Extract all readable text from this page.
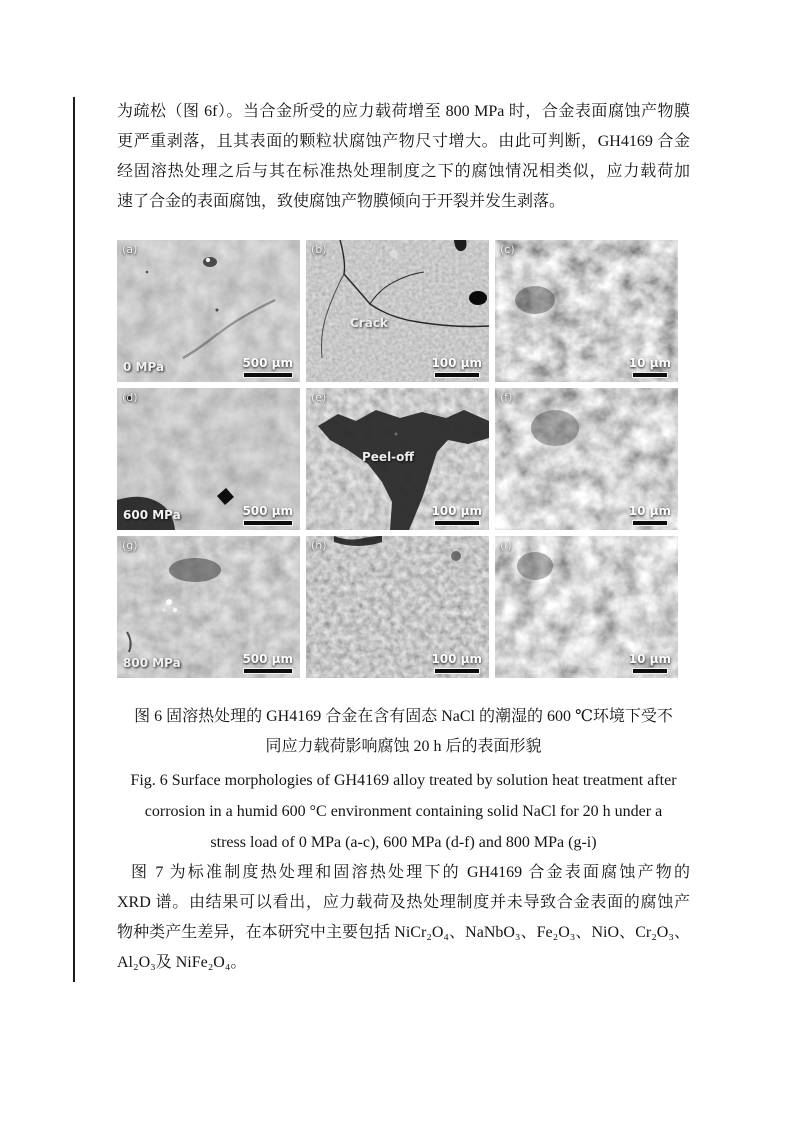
为疏松（图 6f）。当合金所受的应力载荷增至 800 MPa 时，合金表面腐蚀产物膜
更严重剥落，且其表面的颗粒状腐蚀产物尺寸增大。由此可判断，GH4169 合金
经固溶热处理之后与其在标准热处理制度之下的腐蚀情况相类似，应力载荷加
速了合金的表面腐蚀，致使腐蚀产物膜倾向于开裂并发生剥落。
(a)
0 MPa	500 μm
(b)
Crack
100 μm
(c)
10 μm
(d)
600 MPa	500 μm
(e)
Peel-off
100 μm
(f)
10 μm
(g)
800 MPa	500 μm
(h)
100 μm
(i)
10 μm
图 6 固溶热处理的 GH4169 合金在含有固态 NaCl 的潮湿的 600 ℃环境下受不
同应力载荷影响腐蚀 20 h 后的表面形貌
Fig. 6 Surface morphologies of GH4169 alloy treated by solution heat treatment after
corrosion in a humid 600 °C environment containing solid NaCl for 20 h under a
stress load of 0 MPa (a-c), 600 MPa (d-f) and 800 MPa (g-i)
图 7 为标准制度热处理和固溶热处理下的 GH4169 合金表面腐蚀产物的
XRD 谱。由结果可以看出，应力载荷及热处理制度并未导致合金表面的腐蚀产
物种类产生差异，在本研究中主要包括 NiCr₂O₄、NaNbO₃、Fe₂O₃、NiO、Cr₂O₃、
Al₂O₃及 NiFe₂O₄。
